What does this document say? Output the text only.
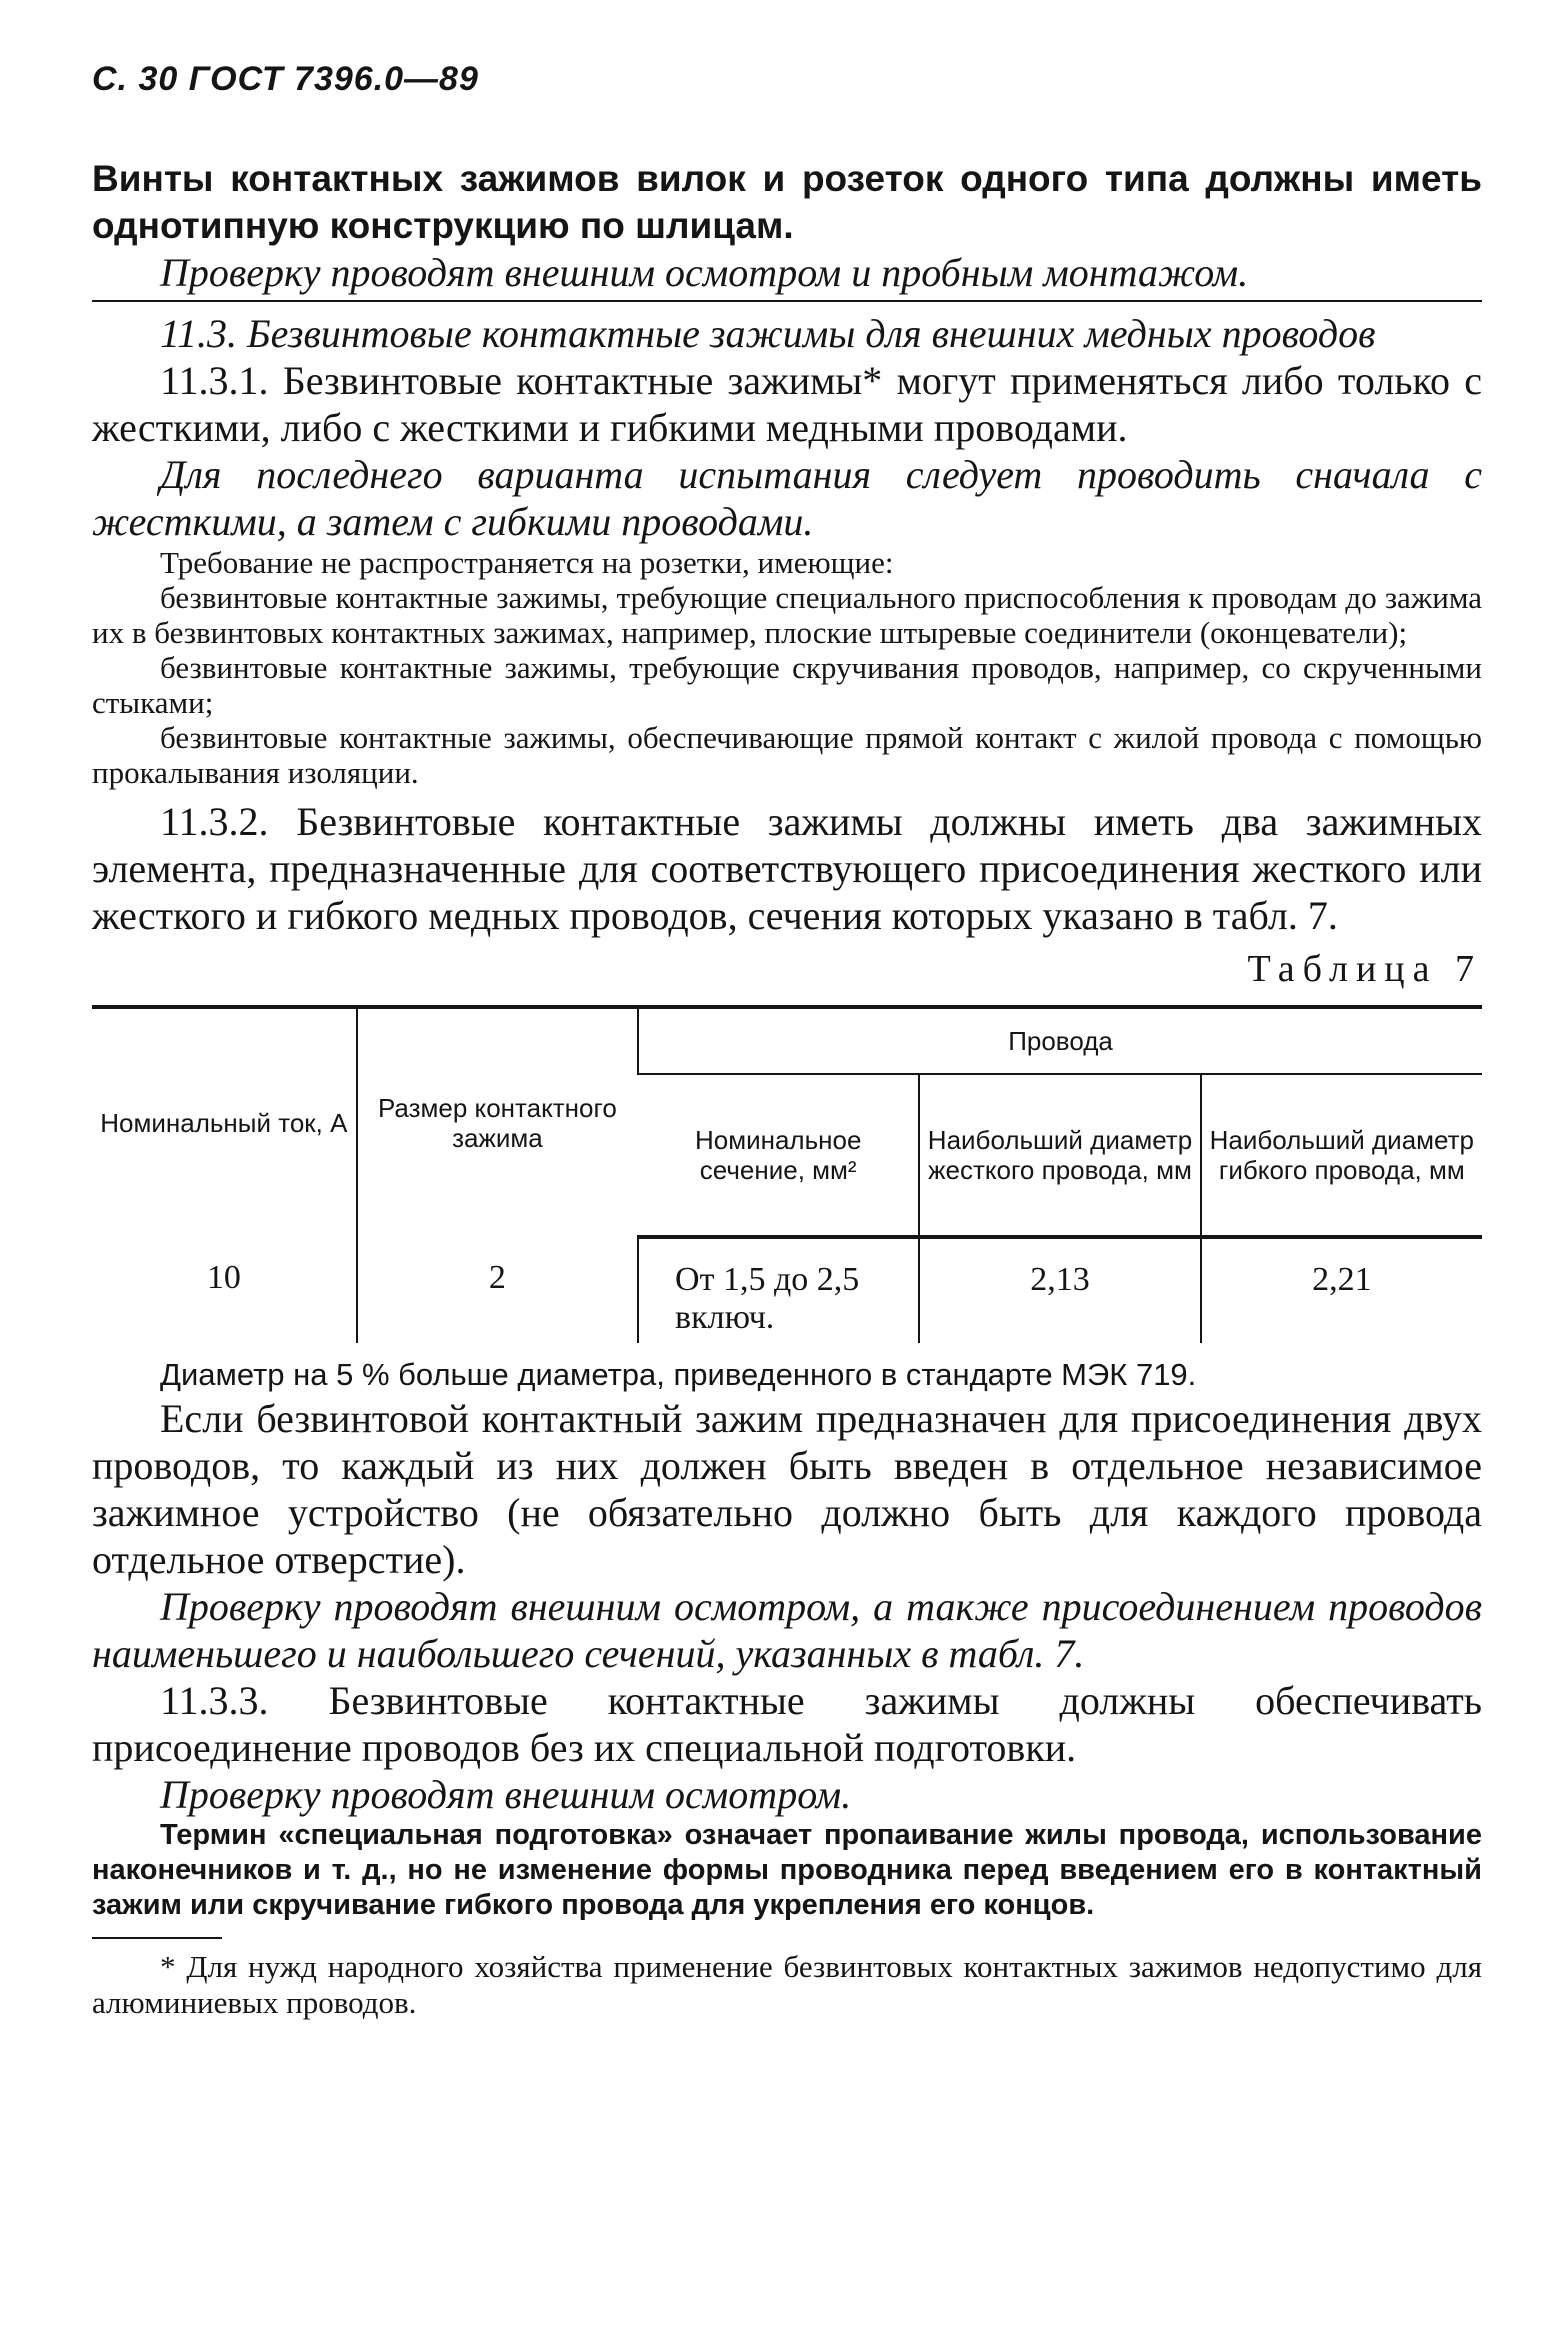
С. 30 ГОСТ 7396.0—89

Винты контактных зажимов вилок и розеток одного типа должны иметь однотипную конструкцию по шлицам.

Проверку проводят внешним осмотром и пробным монтажом.

11.3. Безвинтовые контактные зажимы для внешних медных проводов

11.3.1. Безвинтовые контактные зажимы* могут применяться либо только с жесткими, либо с жесткими и гибкими медными проводами.

Для последнего варианта испытания следует проводить сначала с жесткими, а затем с гибкими проводами.

Требование не распространяется на розетки, имеющие:

безвинтовые контактные зажимы, требующие специального приспособления к проводам до зажима их в безвинтовых контактных зажимах, например, плоские штыревые соединители (оконцеватели);

безвинтовые контактные зажимы, требующие скручивания проводов, например, со скрученными стыками;

безвинтовые контактные зажимы, обеспечивающие прямой контакт с жилой провода с помощью прокалывания изоляции.

11.3.2. Безвинтовые контактные зажимы должны иметь два зажимных элемента, предназначенные для соответствующего присоединения жесткого или жесткого и гибкого медных проводов, сечения которых указано в табл. 7.

Таблица 7
Номинальный ток, А	Размер контактного зажима	Провода		
		Номинальное сечение, мм²	Наибольший диаметр жесткого провода, мм	Наибольший диаметр гибкого провода, мм
10	2	От 1,5 до 2,5 включ.	2,13	2,21

Диаметр на 5 % больше диаметра, приведенного в стандарте МЭК 719.

Если безвинтовой контактный зажим предназначен для присоединения двух проводов, то каждый из них должен быть введен в отдельное независимое зажимное устройство (не обязательно должно быть для каждого провода отдельное отверстие).

Проверку проводят внешним осмотром, а также присоединением проводов наименьшего и наибольшего сечений, указанных в табл. 7.

11.3.3. Безвинтовые контактные зажимы должны обеспечивать присоединение проводов без их специальной подготовки.

Проверку проводят внешним осмотром.

Термин «специальная подготовка» означает пропаивание жилы провода, использование наконечников и т. д., но не изменение формы проводника перед введением его в контактный зажим или скручивание гибкого провода для укрепления его концов.

* Для нужд народного хозяйства применение безвинтовых контактных зажимов недопустимо для алюминиевых проводов.
